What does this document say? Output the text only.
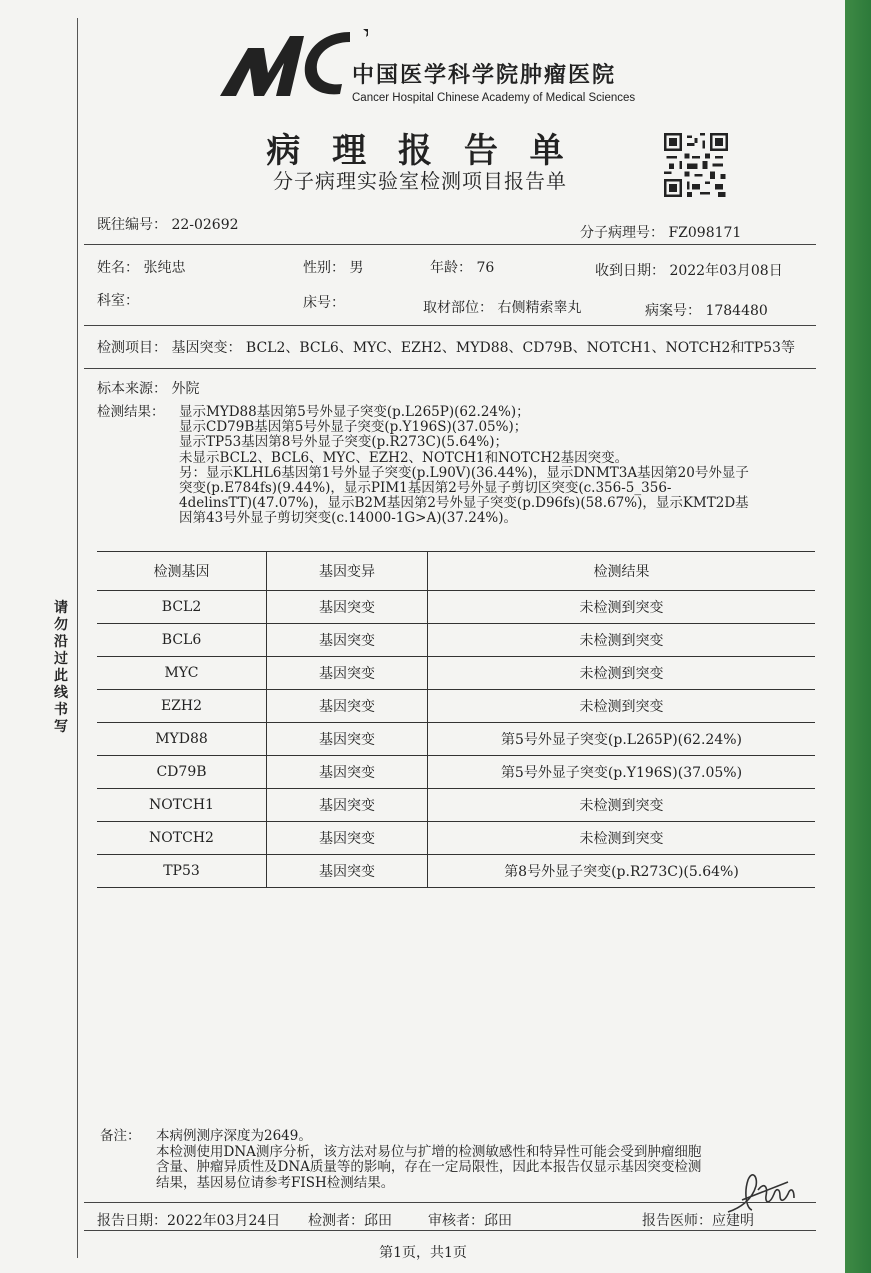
请勿沿过此线书写
中国医学科学院肿瘤医院
Cancer Hospital Chinese Academy of Medical Sciences
病 理 报 告 单
分子病理实验室检测项目报告单
既往编号： 22-02692	分子病理号： FZ098171
姓名： 张纯忠	性别： 男	年龄： 76	收到日期： 2022年03月08日
科室：	床号：	取材部位： 右侧精索睾丸	病案号： 1784480
检测项目： 基因突变： BCL2、BCL6、MYC、EZH2、MYD88、CD79B、NOTCH1、NOTCH2和TP53等
标本来源： 外院
检测结果：	显示MYD88基因第5号外显子突变(p.L265P)(62.24%)；
显示CD79B基因第5号外显子突变(p.Y196S)(37.05%)；
显示TP53基因第8号外显子突变(p.R273C)(5.64%)；
未显示BCL2、BCL6、MYC、EZH2、NOTCH1和NOTCH2基因突变。
另：显示KLHL6基因第1号外显子突变(p.L90V)(36.44%)，显示DNMT3A基因第20号外显子
突变(p.E784fs)(9.44%)，显示PIM1基因第2号外显子剪切区突变(c.356-5_356-
4delinsTT)(47.07%)，显示B2M基因第2号外显子突变(p.D96fs)(58.67%)，显示KMT2D基
因第43号外显子剪切突变(c.14000-1G>A)(37.24%)。
检测基因	基因变异	检测结果
BCL2	基因突变	未检测到突变
BCL6	基因突变	未检测到突变
MYC	基因突变	未检测到突变
EZH2	基因突变	未检测到突变
MYD88	基因突变	第5号外显子突变(p.L265P)(62.24%)
CD79B	基因突变	第5号外显子突变(p.Y196S)(37.05%)
NOTCH1	基因突变	未检测到突变
NOTCH2	基因突变	未检测到突变
TP53	基因突变	第8号外显子突变(p.R273C)(5.64%)
备注：	本病例测序深度为2649。
本检测使用DNA测序分析，该方法对易位与扩增的检测敏感性和特异性可能会受到肿瘤细胞
含量、肿瘤异质性及DNA质量等的影响，存在一定局限性，因此本报告仅显示基因突变检测
结果，基因易位请参考FISH检测结果。
报告日期：2022年03月24日 检测者：邱田	审核者：邱田	报告医师：应建明
第1页，共1页
